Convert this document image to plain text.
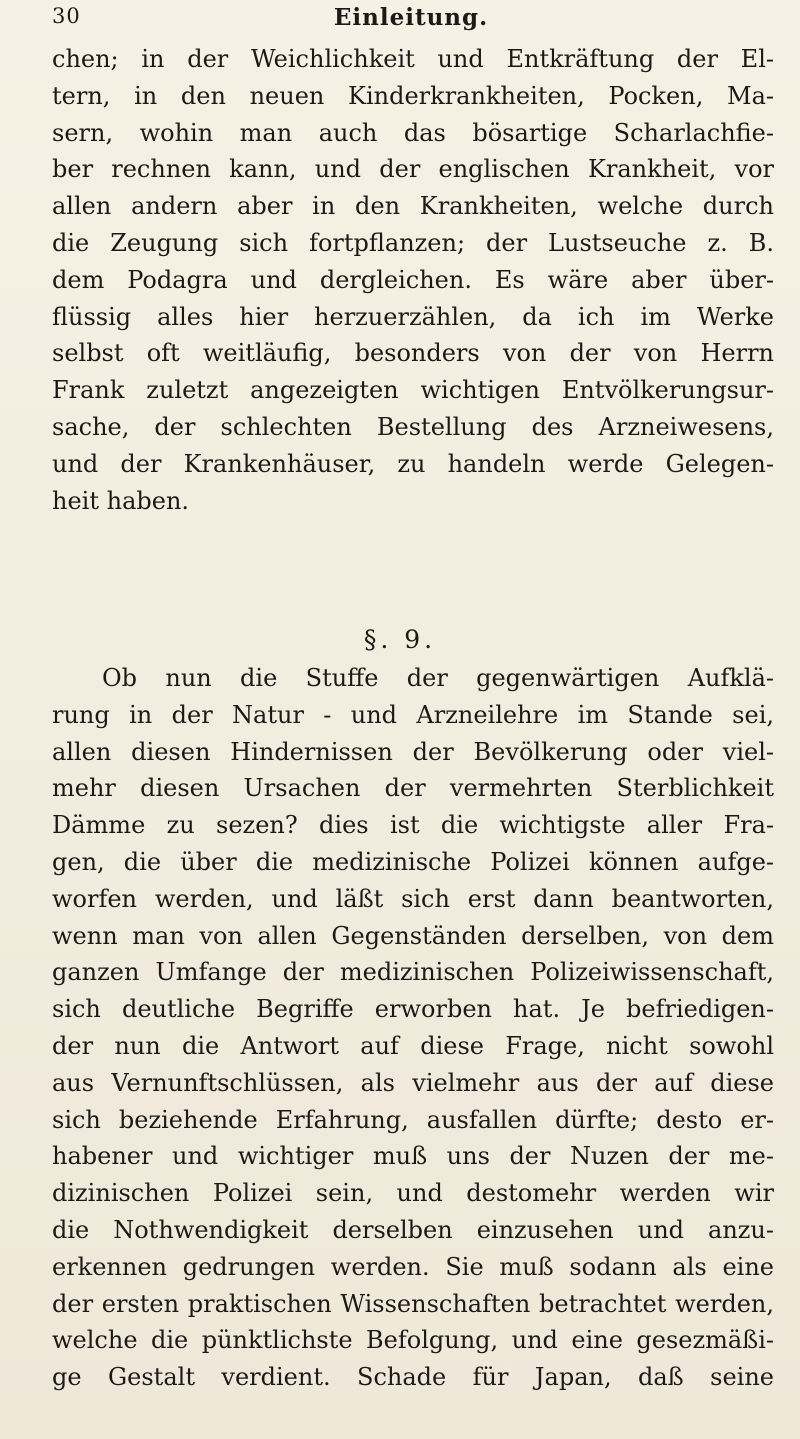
30	Einleitung.
chen; in der Weichlichkeit und Entkräftung der El-
tern, in den neuen Kinderkrankheiten, Pocken, Ma-
sern, wohin man auch das bösartige Scharlachfie-
ber rechnen kann, und der englischen Krankheit, vor
allen andern aber in den Krankheiten, welche durch
die Zeugung sich fortpflanzen; der Lustseuche z. B.
dem Podagra und dergleichen. Es wäre aber über-
flüssig alles hier herzuerzählen, da ich im Werke
selbst oft weitläufig, besonders von der von Herrn
Frank zuletzt angezeigten wichtigen Entvölkerungsur-
sache, der schlechten Bestellung des Arzneiwesens,
und der Krankenhäuser, zu handeln werde Gelegen-
heit haben.
§. 9.
Ob nun die Stuffe der gegenwärtigen Aufklä-
rung in der Natur - und Arzneilehre im Stande sei,
allen diesen Hindernissen der Bevölkerung oder viel-
mehr diesen Ursachen der vermehrten Sterblichkeit
Dämme zu sezen? dies ist die wichtigste aller Fra-
gen, die über die medizinische Polizei können aufge-
worfen werden, und läßt sich erst dann beantworten,
wenn man von allen Gegenständen derselben, von dem
ganzen Umfange der medizinischen Polizeiwissenschaft,
sich deutliche Begriffe erworben hat. Je befriedigen-
der nun die Antwort auf diese Frage, nicht sowohl
aus Vernunftschlüssen, als vielmehr aus der auf diese
sich beziehende Erfahrung, ausfallen dürfte; desto er-
habener und wichtiger muß uns der Nuzen der me-
dizinischen Polizei sein, und destomehr werden wir
die Nothwendigkeit derselben einzusehen und anzu-
erkennen gedrungen werden. Sie muß sodann als eine
der ersten praktischen Wissenschaften betrachtet werden,
welche die pünktlichste Befolgung, und eine gesezmäßi-
ge Gestalt verdient. Schade für Japan, daß seine
